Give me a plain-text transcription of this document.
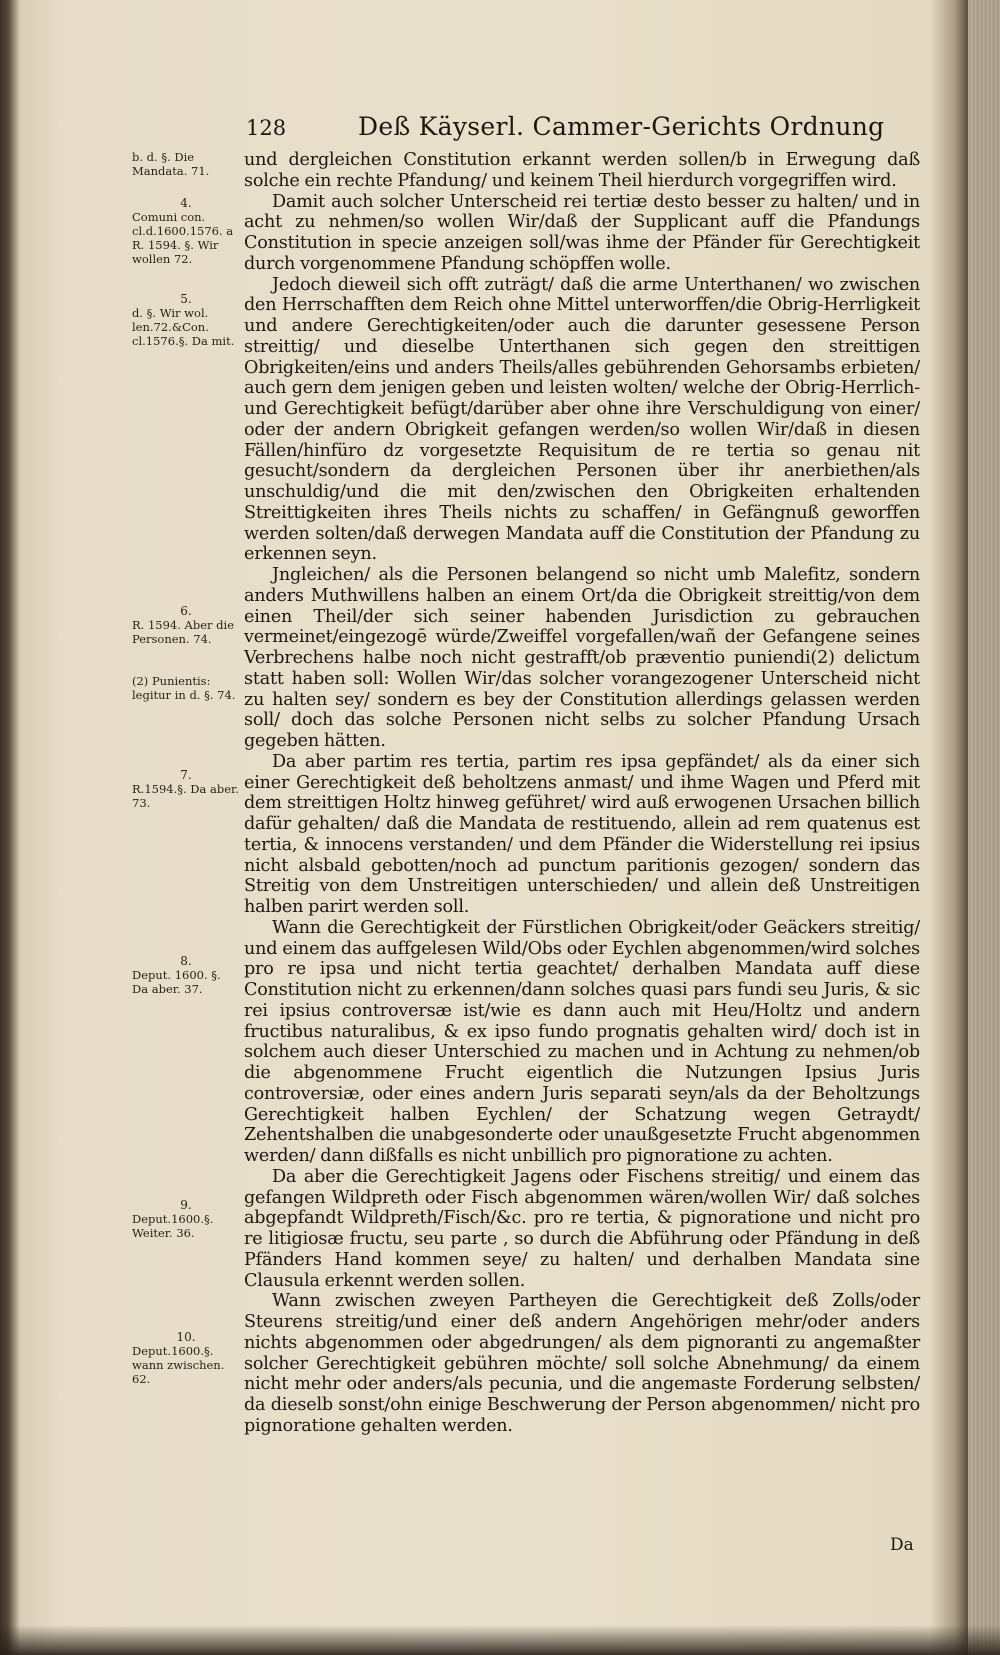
128	Deß Käyserl. Cammer-Gerichts Ordnung
b. d. §. Die Mandata. 71.
4.
Comuni con. cl.d.1600.1576. a R. 1594. §. Wir wollen 72.
5.
d. §. Wir wol. len.72.&Con. cl.1576.§. Da mit.
6.
R. 1594. Aber die Personen. 74.
(2) Punientis: legitur in d. §. 74.
7.
R.1594.§. Da aber. 73.
8.
Deput. 1600. §. Da aber. 37.
9.
Deput.1600.§. Weiter. 36.
10.
Deput.1600.§. wann zwischen. 62.

und dergleichen Constitution erkannt werden sollen/b in Erwegung daß solche ein rechte Pfandung/ und keinem Theil hierdurch vorgegriffen wird.

Damit auch solcher Unterscheid rei tertiæ desto besser zu halten/ und in acht zu nehmen/so wollen Wir/daß der Supplicant auff die Pfandungs Constitution in specie anzeigen soll/was ihme der Pfänder für Gerechtigkeit durch vorgenommene Pfandung schöpffen wolle.

Jedoch dieweil sich offt zuträgt/ daß die arme Unterthanen/ wo zwischen den Herrschafften dem Reich ohne Mittel unterworffen/die Obrig-Herrligkeit und andere Gerechtigkeiten/oder auch die darunter gesessene Person streittig/ und dieselbe Unterthanen sich gegen den streittigen Obrigkeiten/eins und anders Theils/alles gebührenden Gehorsambs erbieten/ auch gern dem jenigen geben und leisten wolten/ welche der Obrig-Herrlich- und Gerechtigkeit befügt/darüber aber ohne ihre Verschuldigung von einer/ oder der andern Obrigkeit gefangen werden/so wollen Wir/daß in diesen Fällen/hinfüro dz vorgesetzte Requisitum de re tertia so genau nit gesucht/sondern da dergleichen Personen über ihr anerbiethen/als unschuldig/und die mit den/zwischen den Obrigkeiten erhaltenden Streittigkeiten ihres Theils nichts zu schaffen/ in Gefängnuß geworffen werden solten/daß derwegen Mandata auff die Constitution der Pfandung zu erkennen seyn.

Jngleichen/ als die Personen belangend so nicht umb Malefitz, sondern anders Muthwillens halben an einem Ort/da die Obrigkeit streittig/von dem einen Theil/der sich seiner habenden Jurisdiction zu gebrauchen vermeinet/eingezogē würde/Zweiffel vorgefallen/wañ der Gefangene seines Verbrechens halbe noch nicht gestrafft/ob præventio puniendi(2) delictum statt haben soll: Wollen Wir/das solcher vorangezogener Unterscheid nicht zu halten sey/ sondern es bey der Constitution allerdings gelassen werden soll/ doch das solche Personen nicht selbs zu solcher Pfandung Ursach gegeben hätten.

Da aber partim res tertia, partim res ipsa gepfändet/ als da einer sich einer Gerechtigkeit deß beholtzens anmast/ und ihme Wagen und Pferd mit dem streittigen Holtz hinweg geführet/ wird auß erwogenen Ursachen billich dafür gehalten/ daß die Mandata de restituendo, allein ad rem quatenus est tertia, & innocens verstanden/ und dem Pfänder die Widerstellung rei ipsius nicht alsbald gebotten/noch ad punctum paritionis gezogen/ sondern das Streitig von dem Unstreitigen unterschieden/ und allein deß Unstreitigen halben parirt werden soll.

Wann die Gerechtigkeit der Fürstlichen Obrigkeit/oder Geäckers streitig/ und einem das auffgelesen Wild/Obs oder Eychlen abgenommen/wird solches pro re ipsa und nicht tertia geachtet/ derhalben Mandata auff diese Constitution nicht zu erkennen/dann solches quasi pars fundi seu Juris, & sic rei ipsius controversæ ist/wie es dann auch mit Heu/Holtz und andern fructibus naturalibus, & ex ipso fundo prognatis gehalten wird/ doch ist in solchem auch dieser Unterschied zu machen und in Achtung zu nehmen/ob die abgenommene Frucht eigentlich die Nutzungen Ipsius Juris controversiæ, oder eines andern Juris separati seyn/als da der Beholtzungs Gerechtigkeit halben Eychlen/ der Schatzung wegen Getraydt/ Zehentshalben die unabgesonderte oder unaußgesetzte Frucht abgenommen werden/ dann dißfalls es nicht unbillich pro pignoratione zu achten.

Da aber die Gerechtigkeit Jagens oder Fischens streitig/ und einem das gefangen Wildpreth oder Fisch abgenommen wären/wollen Wir/ daß solches abgepfandt Wildpreth/Fisch/&c. pro re tertia, & pignoratione und nicht pro re litigiosæ fructu, seu parte , so durch die Abführung oder Pfändung in deß Pfänders Hand kommen seye/ zu halten/ und derhalben Mandata sine Clausula erkennt werden sollen.

Wann zwischen zweyen Partheyen die Gerechtigkeit deß Zolls/oder Steurens streitig/und einer deß andern Angehörigen mehr/oder anders nichts abgenommen oder abgedrungen/ als dem pignoranti zu angemaßter solcher Gerechtigkeit gebühren möchte/ soll solche Abnehmung/ da einem nicht mehr oder anders/als pecunia, und die angemaste Forderung selbsten/ da dieselb sonst/ohn einige Beschwerung der Person abgenommen/ nicht pro pignoratione gehalten werden.

Da
